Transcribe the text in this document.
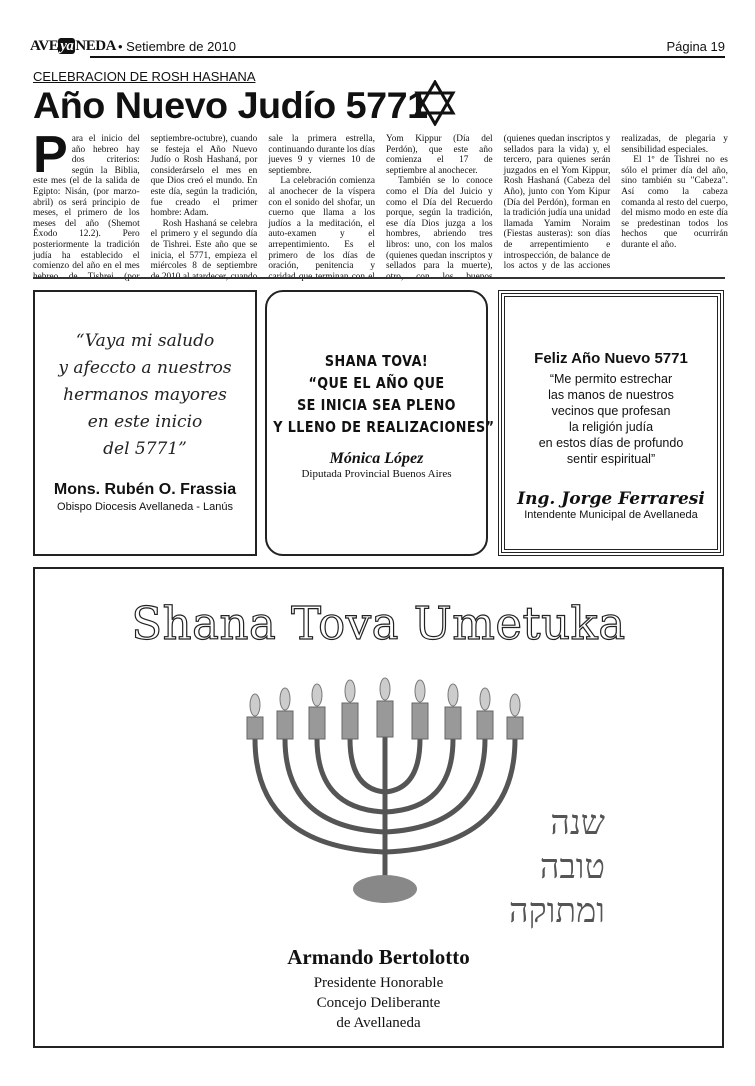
AVE ya NEDA • Setiembre de 2010	Página 19
CELEBRACION DE ROSH HASHANA
Año Nuevo Judío 5771

Para el inicio del año hebreo hay dos criterios: según la Biblia, este mes (el de la salida de Egipto: Nisán, (por marzo-abril) os será principio de meses, el primero de los meses del año (Shemot Éxodo 12.2). Pero posteriormente la tradición judía ha establecido el comienzo del año en el mes septiembre-octubre), cuando se festeja el Año Nuevo Judío o Rosh Hashaná, por considerárselo el mes en que Dios creó el mundo. En este día, según la tradición, fue creado el primer hombre: Adam.

Rosh Hashaná se celebra el primero y el segundo día de Tishrei. Este año que se inicia, el 5771, empieza el miércoles 8 de septiembre sale la primera estrella, continuando durante los días jueves 9 y viernes 10 de septiembre.

La celebración comienza al anochecer de la víspera con el sonido del shofar, un cuerno que llama a los judíos a la meditación, el auto-examen y el arrepentimiento. Es el primero de los días de oración, penitencia y Yom Kippur (Día del Perdón), que este año comienza el 17 de septiembre al anochecer.

También se lo conoce como el Día del Juicio y como el Día del Recuerdo porque, según la tradición, ese día Dios juzga a los hombres, abriendo tres libros: uno, con los malos (quienes quedan inscriptos y sellados para la muerte), (quienes quedan inscriptos y sellados para la vida) y, el tercero, para quienes serán juzgados en el Yom Kippur, Rosh Hashaná (Cabeza del Año), junto con Yom Kipur (Día del Perdón), forman en la tradición judía una unidad llamada Yamim Noraim (Fiestas austeras): son días de arrepentimiento e introspección, de balance de los actos y de las acciones realizadas, de plegaria y sensibilidad especiales.

El 1º de Tishrei no es sólo el primer día del año, sino también su "Cabeza". Así como la cabeza comanda al resto del cuerpo, del mismo modo en este día se predestinan todos los hechos que ocurrirán durante el año.

“Vaya mi saludo
y afeccto a nuestros
hermanos mayores
en este inicio
del 5771”
Mons. Rubén O. Frassia
Obispo Diocesis Avellaneda - Lanús
SHANA TOVA!
“QUE EL AÑO QUE
SE INICIA SEA PLENO
Y LLENO DE REALIZACIONES”
Mónica López
Diputada Provincial Buenos Aires
Feliz Año Nuevo 5771
“Me permito estrechar
las manos de nuestros
vecinos que profesan
la religión judía
en estos días de profundo
sentir espiritual”
Ing. Jorge Ferraresi
Intendente Municipal de Avellaneda
Shana Tova Umetuka
שנה
טובה
ומתוקה
Armando Bertolotto
Presidente Honorable
Concejo Deliberante
de Avellaneda
